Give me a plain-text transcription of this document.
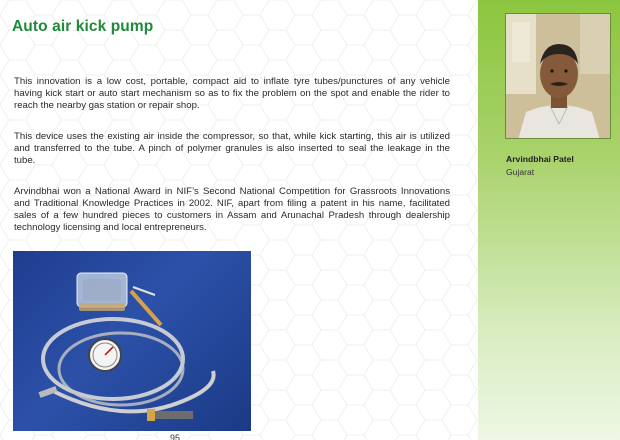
Auto air kick pump

This innovation is a low cost, portable, compact aid to inflate tyre tubes/punctures of any vehicle having kick start or auto start mechanism so as to fix the problem on the spot and enable the rider to reach the nearby gas station or repair shop.

This device uses the existing air inside the compressor, so that, while kick starting, this air is utilized and transferred to the tube. A pinch of polymer granules is also inserted to seal the leakage in the tube.

Arvindbhai won a National Award in NIF’s Second National Competition for Grassroots Innovations and Traditional Knowledge Practices in 2002. NIF, apart from filing a patent in his name, facilitated sales of a few hundred pieces to customers in Assam and Arunachal Pradesh through dealership technology licensing and local entrepreneurs.

95
Arvindbhai Patel
Gujarat
